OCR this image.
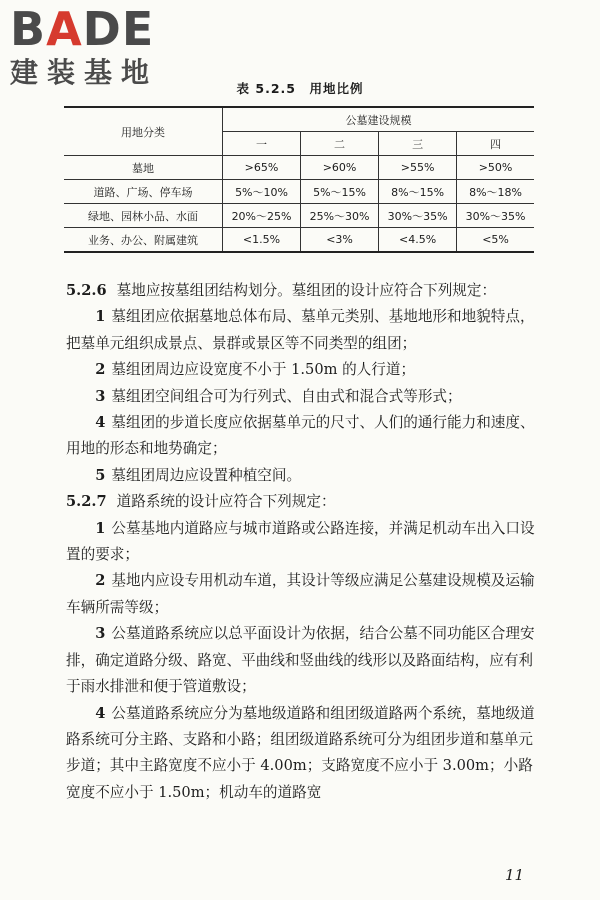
BADE
建装基地	表 5.2.5　用地比例
用地分类	公墓建设规模			
	一	二	三	四
墓地	>65%	>60%	>55%	>50%
道路、广场、停车场	5%～10%	5%～15%	8%～15%	8%～18%
绿地、园林小品、水面	20%～25%	25%～30%	30%～35%	30%～35%
业务、办公、附属建筑	<1.5%	<3%	<4.5%	<5%

5.2.6 墓地应按墓组团结构划分。墓组团的设计应符合下列规定：

1 墓组团应依据墓地总体布局、墓单元类别、基地地形和地貌特点，把墓单元组织成景点、景群或景区等不同类型的组团；

2 墓组团周边应设宽度不小于 1.50m 的人行道；

3 墓组团空间组合可为行列式、自由式和混合式等形式；

4 墓组团的步道长度应依据墓单元的尺寸、人们的通行能力和速度、用地的形态和地势确定；

5 墓组团周边应设置种植空间。

5.2.7 道路系统的设计应符合下列规定：

1 公墓基地内道路应与城市道路或公路连接，并满足机动车出入口设置的要求；

2 基地内应设专用机动车道，其设计等级应满足公墓建设规模及运输车辆所需等级；

3 公墓道路系统应以总平面设计为依据，结合公墓不同功能区合理安排，确定道路分级、路宽、平曲线和竖曲线的线形以及路面结构，应有利于雨水排泄和便于管道敷设；

4 公墓道路系统应分为墓地级道路和组团级道路两个系统，墓地级道路系统可分主路、支路和小路；组团级道路系统可分为组团步道和墓单元步道；其中主路宽度不应小于 4.00m；支路宽度不应小于 3.00m；小路宽度不应小于 1.50m；机动车的道路宽

11
